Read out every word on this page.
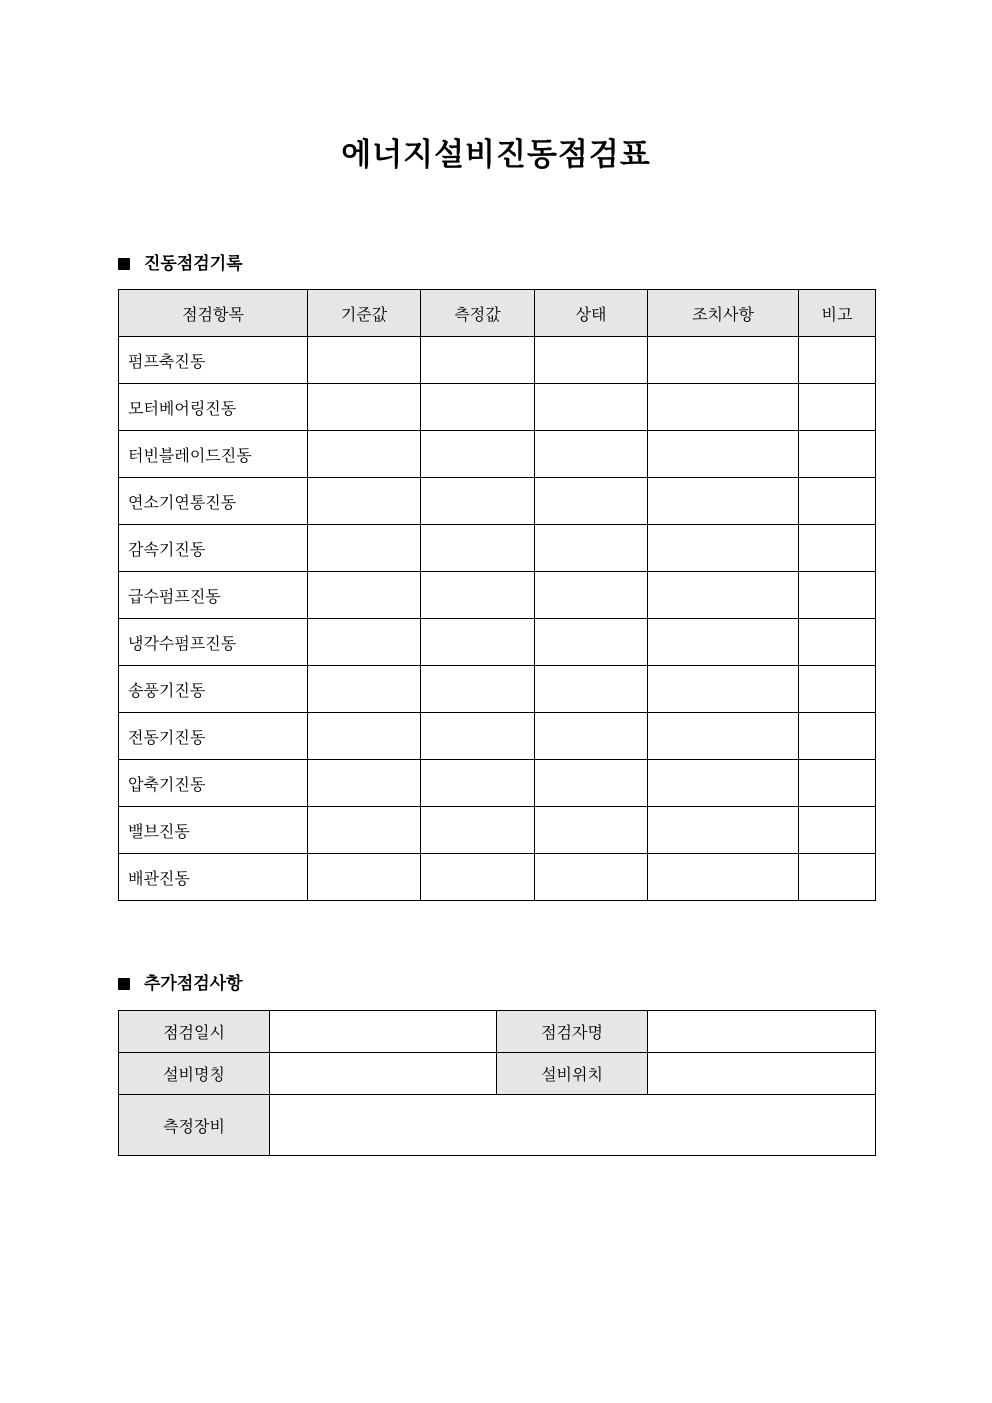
에너지설비진동점검표
진동점검기록
점검항목	기준값	측정값	상태	조치사항	비고
펌프축진동					
모터베어링진동					
터빈블레이드진동					
연소기연통진동					
감속기진동					
급수펌프진동					
냉각수펌프진동					
송풍기진동					
전동기진동					
압축기진동					
밸브진동					
배관진동					
추가점검사항
점검일시		점검자명	
설비명칭		설비위치	
측정장비			
